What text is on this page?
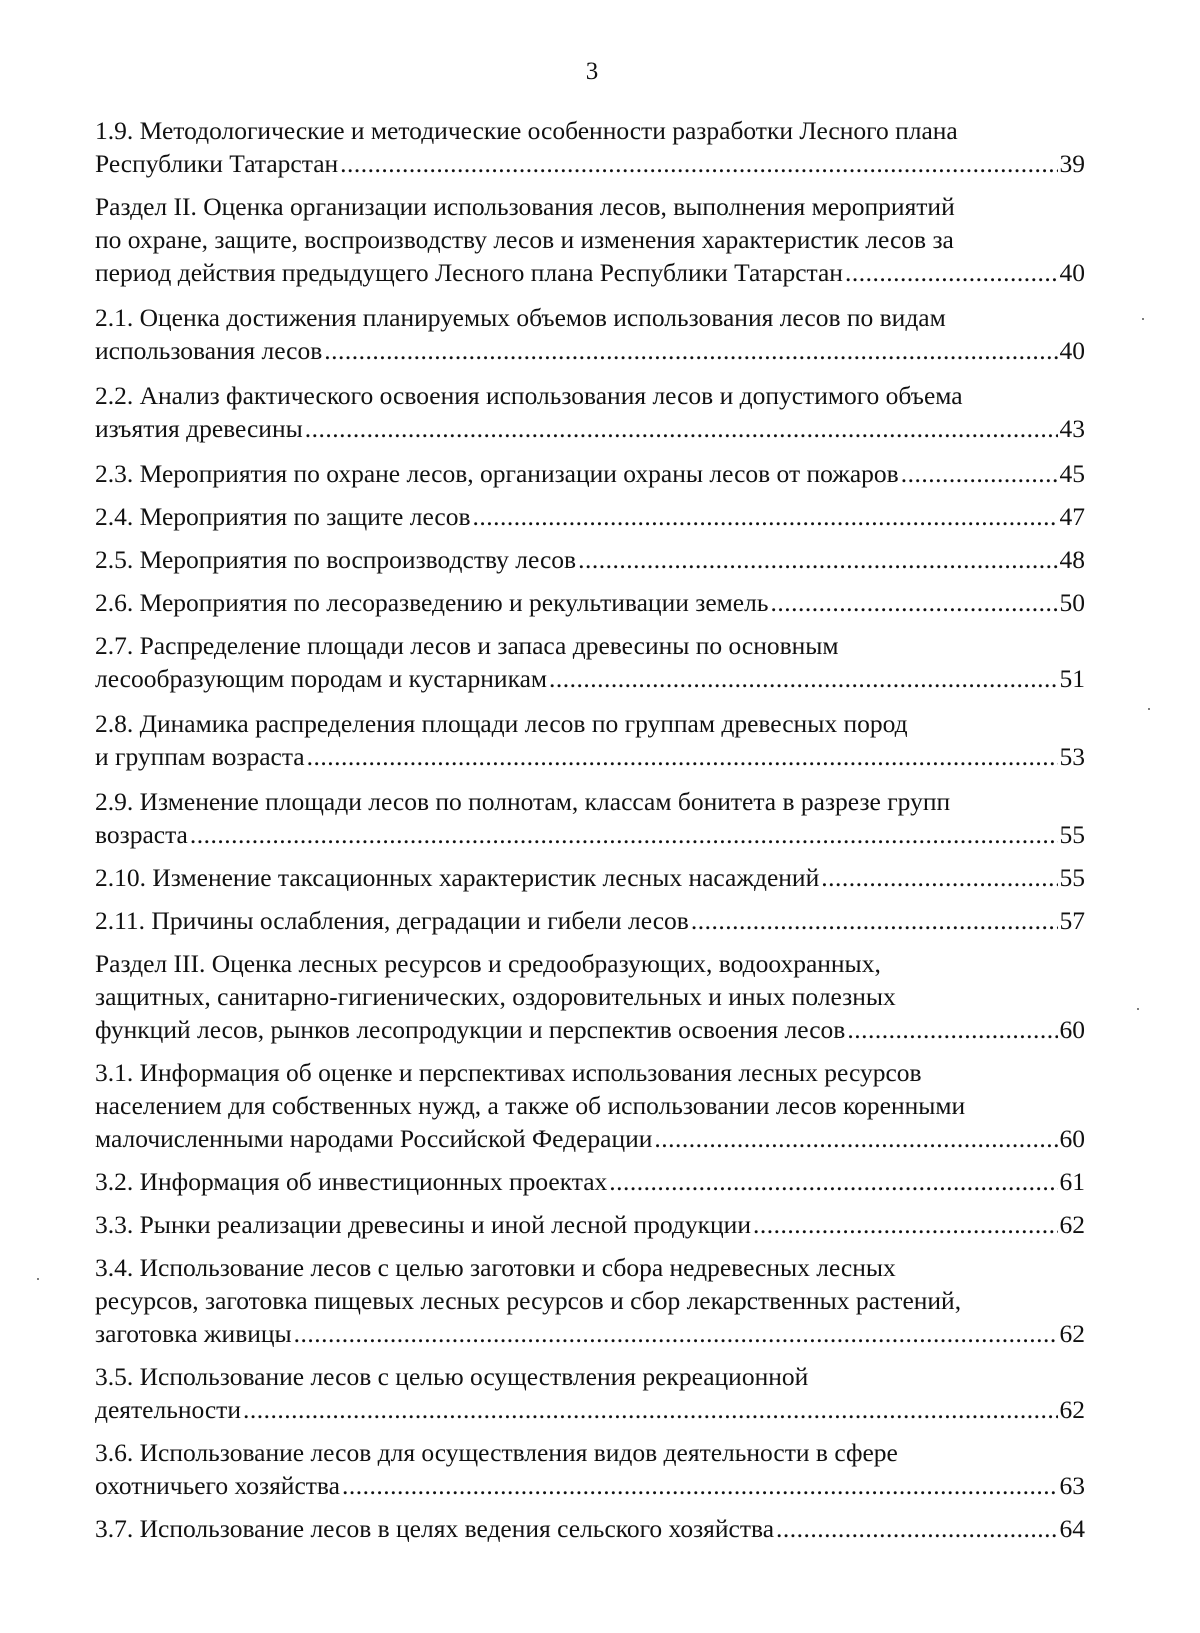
3
1.9. Методологические и методические особенности разработки Лесного плана
Республики Татарстан .....	39
Раздел II. Оценка организации использования лесов, выполнения мероприятий
по охране, защите, воспроизводству лесов и изменения характеристик лесов за
период действия предыдущего Лесного плана Республики Татарстан .....	40
2.1. Оценка достижения планируемых объемов использования лесов по видам
использования лесов .....	40
2.2. Анализ фактического освоения использования лесов и допустимого объема
изъятия древесины .....	43
2.3. Мероприятия по охране лесов, организации охраны лесов от пожаров .....	45
2.4. Мероприятия по защите лесов .....	47
2.5. Мероприятия по воспроизводству лесов .....	48
2.6. Мероприятия по лесоразведению и рекультивации земель .....	50
2.7. Распределение площади лесов и запаса древесины по основным
лесообразующим породам и кустарникам .....	51
2.8. Динамика распределения площади лесов по группам древесных пород
и группам возраста .....	53
2.9. Изменение площади лесов по полнотам, классам бонитета в разрезе групп
возраста .....	55
2.10. Изменение таксационных характеристик лесных насаждений .....	55
2.11. Причины ослабления, деградации и гибели лесов .....	57
Раздел III. Оценка лесных ресурсов и средообразующих, водоохранных,
защитных, санитарно-гигиенических, оздоровительных и иных полезных
функций лесов, рынков лесопродукции и перспектив освоения лесов .....	60
3.1. Информация об оценке и перспективах использования лесных ресурсов
населением для собственных нужд, а также об использовании лесов коренными
малочисленными народами Российской Федерации .....	60
3.2. Информация об инвестиционных проектах .....	61
3.3. Рынки реализации древесины и иной лесной продукции .....	62
3.4. Использование лесов с целью заготовки и сбора недревесных лесных
ресурсов, заготовка пищевых лесных ресурсов и сбор лекарственных растений,
заготовка живицы .....	62
3.5. Использование лесов с целью осуществления рекреационной
деятельности .....	62
3.6. Использование лесов для осуществления видов деятельности в сфере
охотничьего хозяйства .....	63
3.7. Использование лесов в целях ведения сельского хозяйства .....	64
